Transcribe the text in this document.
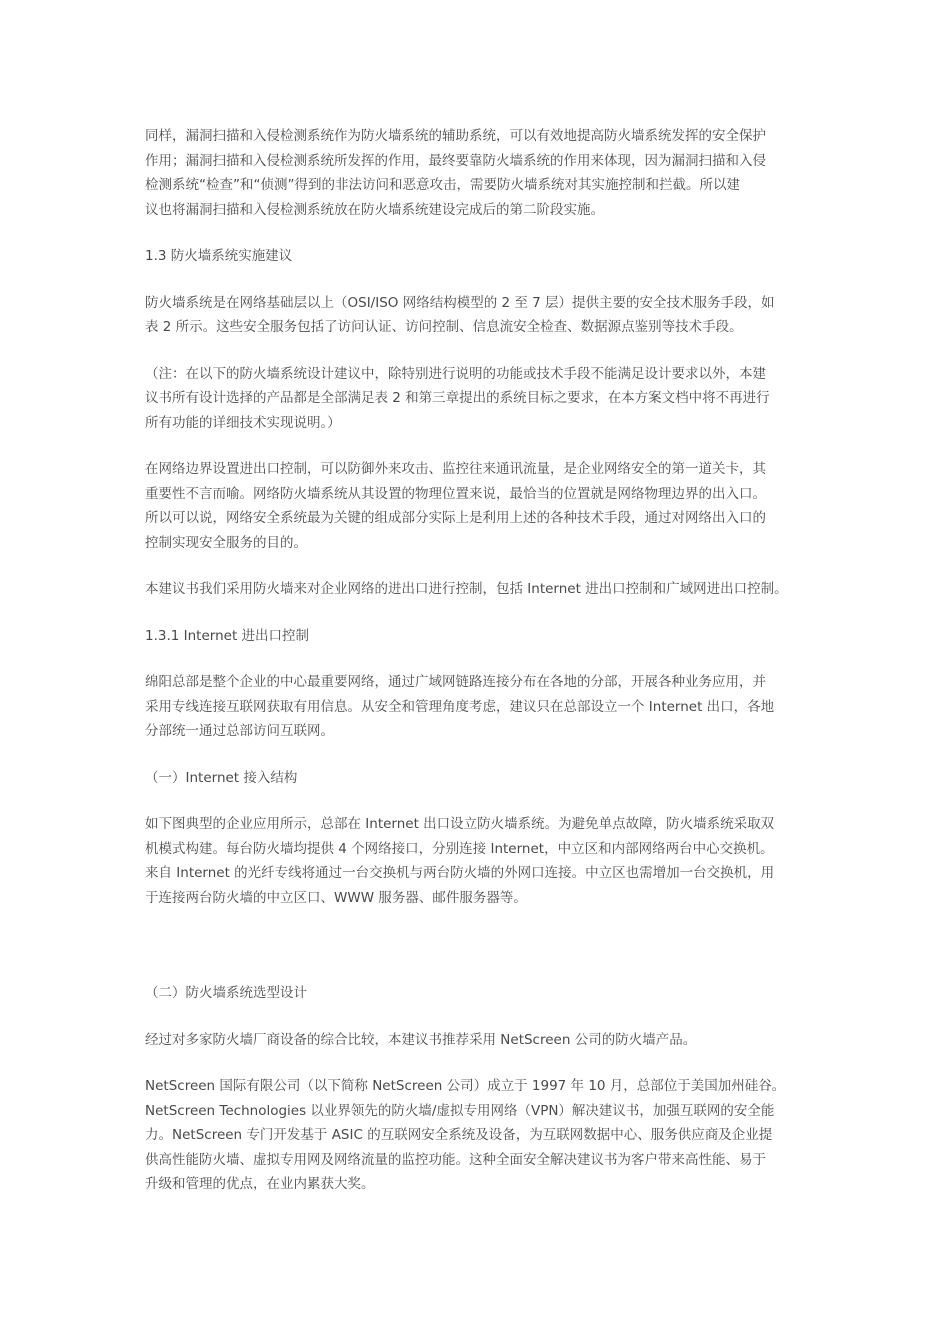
同样，漏洞扫描和入侵检测系统作为防火墙系统的辅助系统，可以有效地提高防火墙系统发挥的安全保护
作用；漏洞扫描和入侵检测系统所发挥的作用，最终要靠防火墙系统的作用来体现，因为漏洞扫描和入侵
检测系统“检查”和“侦测”得到的非法访问和恶意攻击，需要防火墙系统对其实施控制和拦截。所以建
议也将漏洞扫描和入侵检测系统放在防火墙系统建设完成后的第二阶段实施。

1.3 防火墙系统实施建议

防火墙系统是在网络基础层以上（OSI/ISO 网络结构模型的 2 至 7 层）提供主要的安全技术服务手段，如
表 2 所示。这些安全服务包括了访问认证、访问控制、信息流安全检查、数据源点鉴别等技术手段。

（注：在以下的防火墙系统设计建议中，除特别进行说明的功能或技术手段不能满足设计要求以外，本建
议书所有设计选择的产品都是全部满足表 2 和第三章提出的系统目标之要求，在本方案文档中将不再进行
所有功能的详细技术实现说明。）

在网络边界设置进出口控制，可以防御外来攻击、监控往来通讯流量，是企业网络安全的第一道关卡，其
重要性不言而喻。网络防火墙系统从其设置的物理位置来说，最恰当的位置就是网络物理边界的出入口。
所以可以说，网络安全系统最为关键的组成部分实际上是利用上述的各种技术手段，通过对网络出入口的
控制实现安全服务的目的。

本建议书我们采用防火墙来对企业网络的进出口进行控制，包括 Internet 进出口控制和广域网进出口控制。

1.3.1 Internet 进出口控制

绵阳总部是整个企业的中心最重要网络，通过广域网链路连接分布在各地的分部，开展各种业务应用，并
采用专线连接互联网获取有用信息。从安全和管理角度考虑，建议只在总部设立一个 Internet 出口，各地
分部统一通过总部访问互联网。

（一）Internet 接入结构

如下图典型的企业应用所示，总部在 Internet 出口设立防火墙系统。为避免单点故障，防火墙系统采取双
机模式构建。每台防火墙均提供 4 个网络接口，分别连接 Internet，中立区和内部网络两台中心交换机。
来自 Internet 的光纤专线将通过一台交换机与两台防火墙的外网口连接。中立区也需增加一台交换机，用
于连接两台防火墙的中立区口、WWW 服务器、邮件服务器等。

（二）防火墙系统选型设计

经过对多家防火墙厂商设备的综合比较，本建议书推荐采用 NetScreen 公司的防火墙产品。

NetScreen 国际有限公司（以下简称 NetScreen 公司）成立于 1997 年 10 月，总部位于美国加州硅谷。
NetScreen Technologies 以业界领先的防火墙/虚拟专用网络（VPN）解决建议书，加强互联网的安全能
力。NetScreen 专门开发基于 ASIC 的互联网安全系统及设备，为互联网数据中心、服务供应商及企业提
供高性能防火墙、虚拟专用网及网络流量的监控功能。这种全面安全解决建议书为客户带来高性能、易于
升级和管理的优点，在业内累获大奖。
